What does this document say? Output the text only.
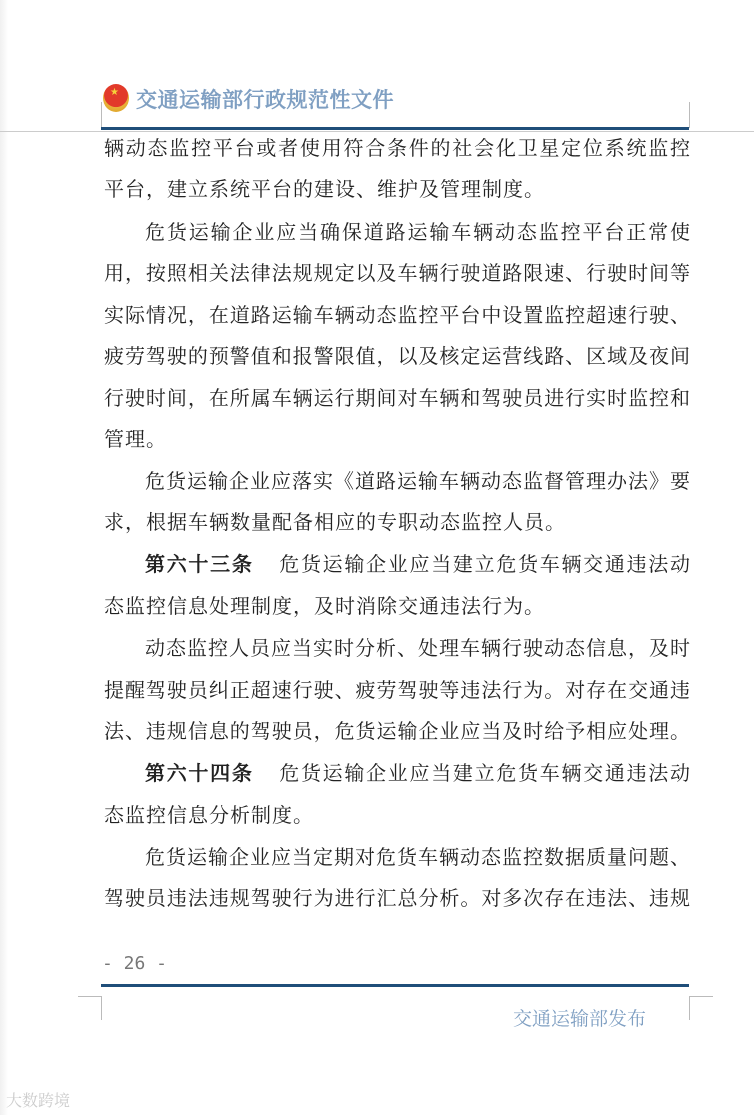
★
交通运输部行政规范性文件
辆动态监控平台或者使用符合条件的社会化卫星定位系统监控
平台，建立系统平台的建设、维护及管理制度。
危货运输企业应当确保道路运输车辆动态监控平台正常使
用，按照相关法律法规规定以及车辆行驶道路限速、行驶时间等
实际情况，在道路运输车辆动态监控平台中设置监控超速行驶、
疲劳驾驶的预警值和报警限值，以及核定运营线路、区域及夜间
行驶时间，在所属车辆运行期间对车辆和驾驶员进行实时监控和
管理。
危货运输企业应落实《道路运输车辆动态监督管理办法》要
求，根据车辆数量配备相应的专职动态监控人员。
第六十三条 危货运输企业应当建立危货车辆交通违法动
态监控信息处理制度，及时消除交通违法行为。
动态监控人员应当实时分析、处理车辆行驶动态信息，及时
提醒驾驶员纠正超速行驶、疲劳驾驶等违法行为。对存在交通违
法、违规信息的驾驶员，危货运输企业应当及时给予相应处理。
第六十四条 危货运输企业应当建立危货车辆交通违法动
态监控信息分析制度。
危货运输企业应当定期对危货车辆动态监控数据质量问题、
驾驶员违法违规驾驶行为进行汇总分析。对多次存在违法、违规
- 26 -
交通运输部发布
大数跨境
